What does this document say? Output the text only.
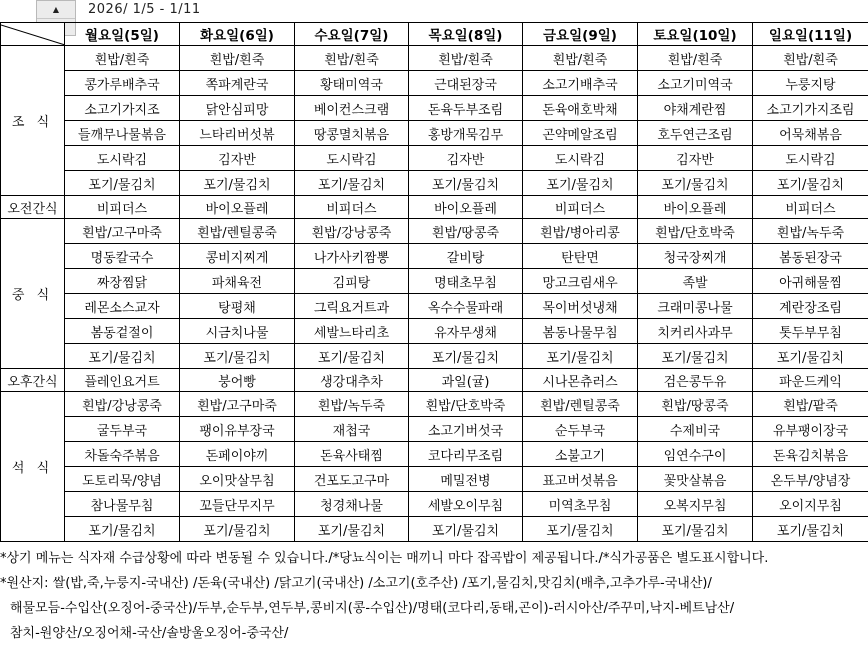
▲	2026/ 1/5 - 1/11
	월요일(5일)	화요일(6일)	수요일(7일)	목요일(8일)	금요일(9일)	토요일(10일)	일요일(11일)
조 식	흰밥/흰죽	흰밥/흰죽	흰밥/흰죽	흰밥/흰죽	흰밥/흰죽	흰밥/흰죽	흰밥/흰죽
	콩가루배추국	쪽파계란국	황태미역국	근대된장국	소고기배추국	소고기미역국	누룽지탕
	소고기가지조	닭안심피망	베이컨스크램	돈육두부조림	돈육애호박채	야채계란찜	소고기가지조림
	들깨무나물볶음	느타리버섯볶	땅콩멸치볶음	홍방개묵김무	곤약메알조림	호두연근조림	어묵채볶음
	도시락김	김자반	도시락김	김자반	도시락김	김자반	도시락김
	포기/물김치	포기/물김치	포기/물김치	포기/물김치	포기/물김치	포기/물김치	포기/물김치
오전간식	비피더스	바이오플레	비피더스	바이오플레	비피더스	바이오플레	비피더스
중 식	흰밥/고구마죽	흰밥/렌틸콩죽	흰밥/강낭콩죽	흰밥/땅콩죽	흰밥/병아리콩	흰밥/단호박죽	흰밥/녹두죽
	명동칼국수	콩비지찌게	나가사키짬뽕	갈비탕	탄탄면	청국장찌개	봄동된장국
	짜장찜닭	파채육전	김피탕	명태초무침	망고크림새우	족발	아귀해물찜
	레몬소스교자	탕평채	그릭요거트과	옥수수물파래	목이버섯냉채	크래미콩나물	계란장조림
	봄동겉절이	시금치나물	세발느타리초	유자무생채	봄동나물무침	치커리사과무	톳두부무침
	포기/물김치	포기/물김치	포기/물김치	포기/물김치	포기/물김치	포기/물김치	포기/물김치
오후간식	플레인요거트	붕어빵	생강대추차	과일(귤)	시나몬츄러스	검은콩두유	파운드케익
석 식	흰밥/강낭콩죽	흰밥/고구마죽	흰밥/녹두죽	흰밥/단호박죽	흰밥/렌틸콩죽	흰밥/땅콩죽	흰밥/팥죽
	굴두부국	팽이유부장국	재첩국	소고기버섯국	순두부국	수제비국	유부팽이장국
	차돌숙주볶음	돈페이야끼	돈육사태찜	코다리무조림	소불고기	임연수구이	돈육김치볶음
	도토리묵/양념	오이맛살무침	건포도고구마	메밀전병	표고버섯볶음	꽃맛살볶음	온두부/양념장
	참나물무침	꼬들단무지무	청경채나물	세발오이무침	미역초무침	오복지무침	오이지무침
	포기/물김치	포기/물김치	포기/물김치	포기/물김치	포기/물김치	포기/물김치	포기/물김치
*상기 메뉴는 식자재 수급상황에 따라 변동될 수 있습니다./*당뇨식이는 매끼니 마다 잡곡밥이 제공됩니다./*식가공품은 별도표시합니다.
*원산지: 쌀(밥,죽,누룽지-국내산) /돈육(국내산) /닭고기(국내산) /소고기(호주산) /포기,물김치,맛김치(배추,고추가루-국내산)/
해물모듬-수입산(오징어-중국산)/두부,순두부,연두부,콩비지(콩-수입산)/명태(코다리,동태,곤이)-러시아산/주꾸미,낙지-베트남산/
참치-원양산/오징어채-국산/솔방울오징어-중국산/
